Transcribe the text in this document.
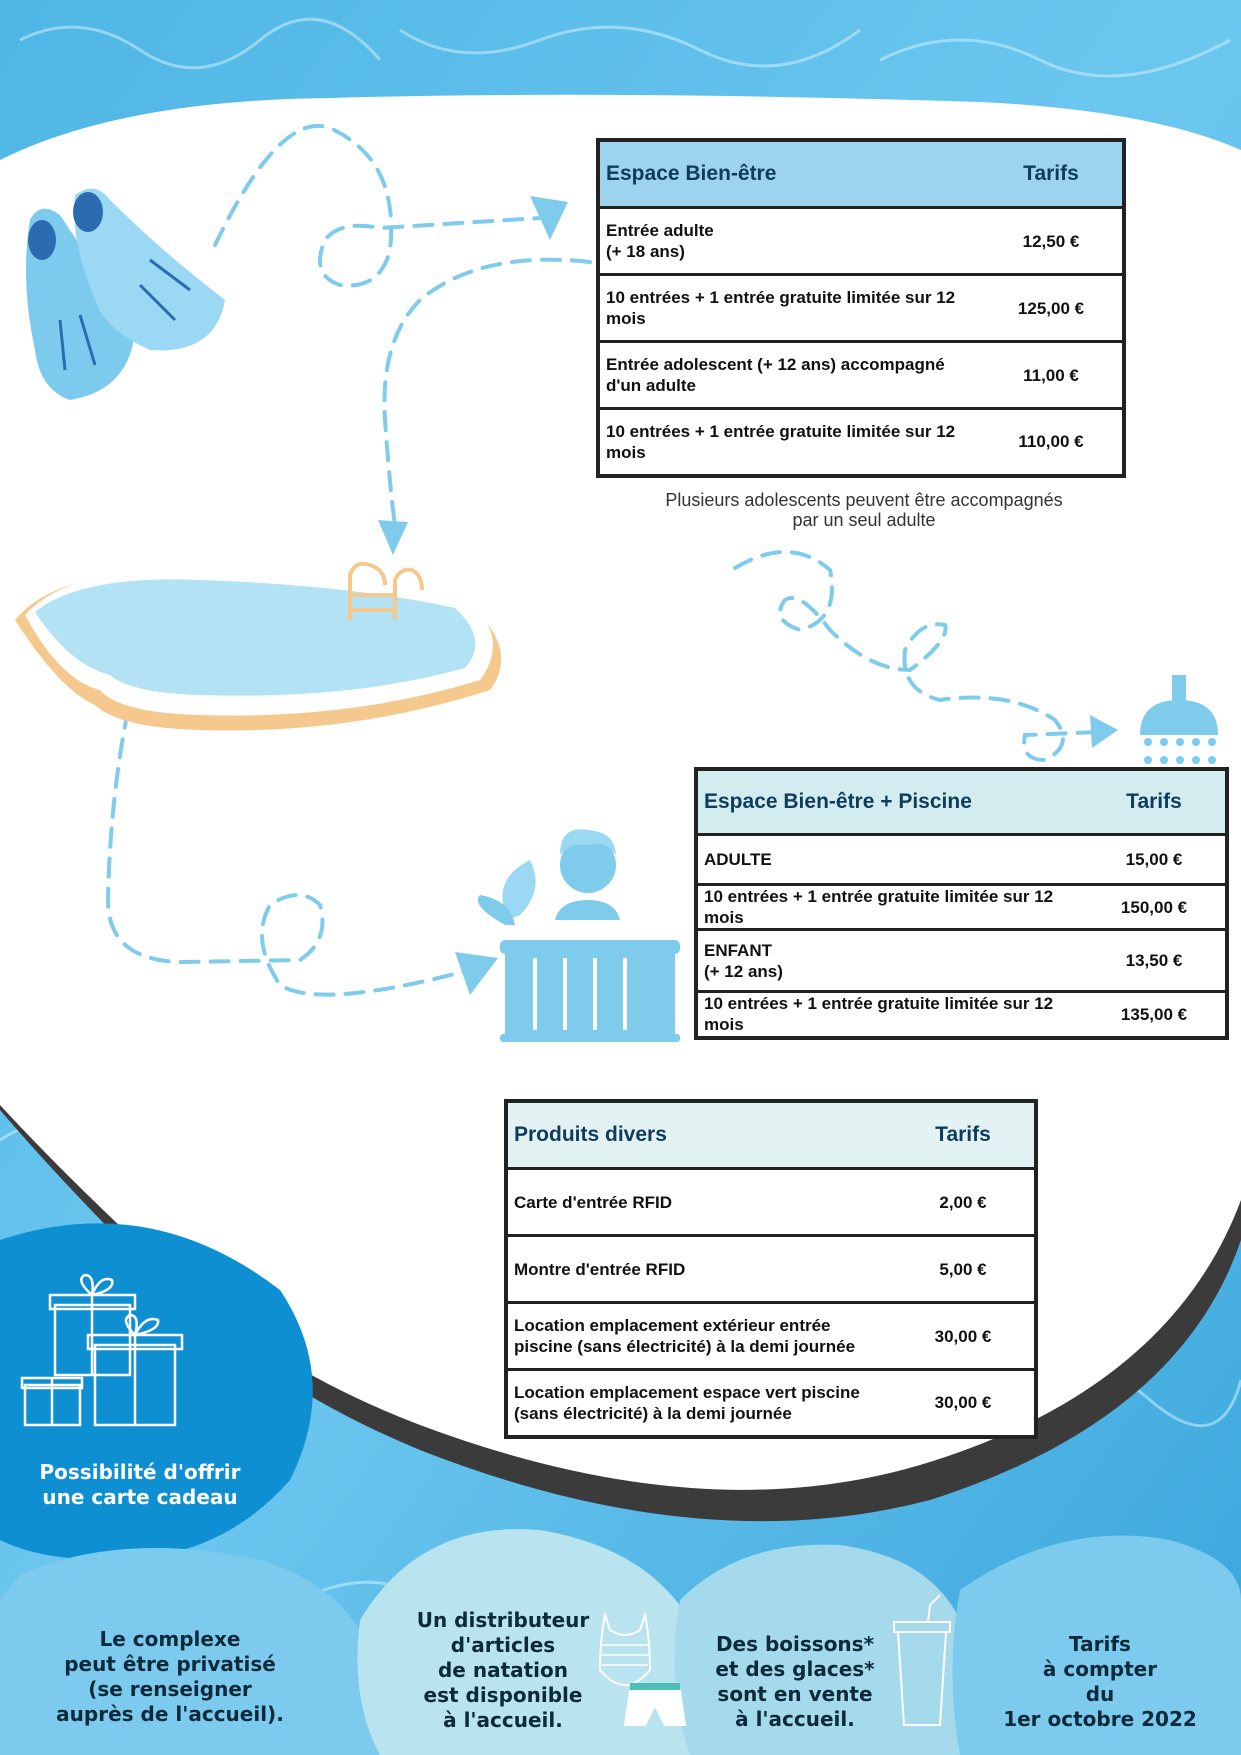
Espace Bien-être	Tarifs

Entrée adulte
(+ 18 ans)	12,50 €

10 entrées + 1 entrée gratuite limitée sur 12
mois	125,00 €

Entrée adolescent (+ 12 ans) accompagné
d'un adulte	11,00 €

10 entrées + 1 entrée gratuite limitée sur 12
mois	110,00 €
Plusieurs adolescents peuvent être accompagnés
par un seul adulte
Espace Bien-être + Piscine	Tarifs

ADULTE	15,00 €

10 entrées + 1 entrée gratuite limitée sur 12
mois	150,00 €

ENFANT
(+ 12 ans)	13,50 €

10 entrées + 1 entrée gratuite limitée sur 12
mois	135,00 €
Produits divers	Tarifs

Carte d'entrée RFID	2,00 €

Montre d'entrée RFID	5,00 €

Location emplacement extérieur entrée
piscine (sans électricité) à la demi journée	30,00 €

Location emplacement espace vert piscine
(sans électricité) à la demi journée	30,00 €
Possibilité d'offrir
une carte cadeau
Le complexe
peut être privatisé
(se renseigner
auprès de l'accueil).
Un distributeur
d'articles
de natation
est disponible
à l'accueil.
Des boissons*
et des glaces*
sont en vente
à l'accueil.
Tarifs
à compter
du
1er octobre 2022
